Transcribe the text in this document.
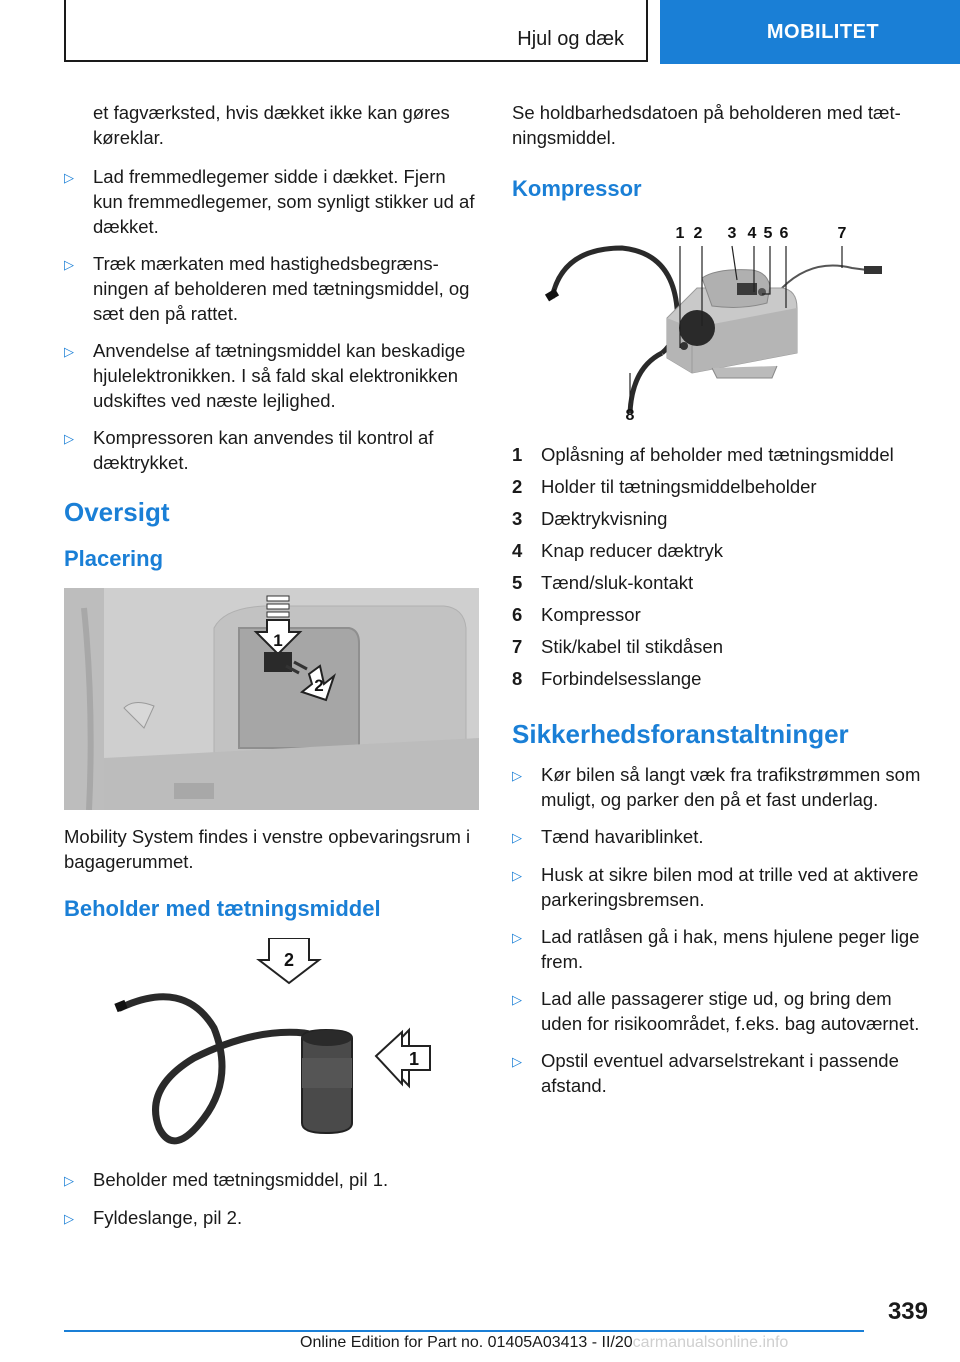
Hjul og dæk	MOBILITET

et fagværksted, hvis dækket ikke kan gøres køreklar.

▷	Lad fremmedlegemer sidde i dækket. Fjern kun fremmedlegemer, som synligt stikker ud af dækket.
▷	Træk mærkaten med hastighedsbegrænsningen af beholderen med tætningsmiddel, og sæt den på rattet.
▷	Anvendelse af tætningsmiddel kan beskadige hjulelektronikken. I så fald skal elektronikken udskiftes ved næste lejlighed.
▷	Kompressoren kan anvendes til kontrol af dæktrykket.
Oversigt
Placering
1
2

Mobility System findes i venstre opbevaringsrum i bagagerummet.

Beholder med tætningsmiddel
2
1
▷	Beholder med tætningsmiddel, pil 1.
▷	Fyldeslange, pil 2.

Se holdbarhedsdatoen på beholderen med tætningsmiddel.

Kompressor
1 2 3 4 5 6	7
8
1	Oplåsning af beholder med tætningsmiddel
2	Holder til tætningsmiddelbeholder
3	Dæktrykvisning
4	Knap reducer dæktryk
5	Tænd/sluk-kontakt
6	Kompressor
7	Stik/kabel til stikdåsen
8	Forbindelsesslange
Sikkerhedsforanstaltninger
▷	Kør bilen så langt væk fra trafikstrømmen som muligt, og parker den på et fast underlag.
▷	Tænd havariblinket.
▷	Husk at sikre bilen mod at trille ved at aktivere parkeringsbremsen.
▷	Lad ratlåsen gå i hak, mens hjulene peger lige frem.
▷	Lad alle passagerer stige ud, og bring dem uden for risikoområdet, f.eks. bag autoværnet.
▷	Opstil eventuel advarselstrekant i passende afstand.
339
Online Edition for Part no. 01405A03413 - II/20carmanualsonline.info
